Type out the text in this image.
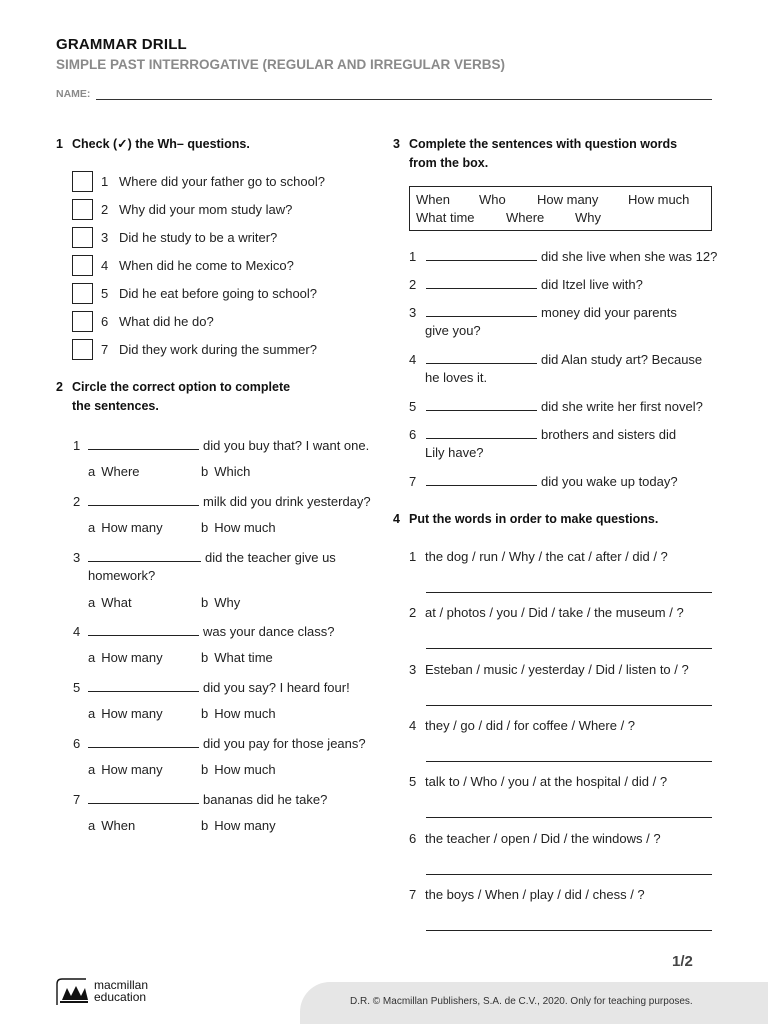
GRAMMAR DRILL
SIMPLE PAST INTERROGATIVE (REGULAR AND IRREGULAR VERBS)
NAME:
1 Check (✓) the Wh– questions.
1 Where did your father go to school?
2 Why did your mom study law?
3 Did he study to be a writer?
4 When did he come to Mexico?
5 Did he eat before going to school?
6 What did he do?
7 Did they work during the summer?
2 Circle the correct option to complete
the sentences.
1	did you buy that? I want one.
a Where	b Which
2	milk did you drink yesterday?
a How many	b How much
3	did the teacher give us
homework?
a What	b Why
4	was your dance class?
a How many	b What time
5	did you say? I heard four!
a How many	b How much
6	did you pay for those jeans?
a How many	b How much
7	bananas did he take?
a When	b How many
3 Complete the sentences with question words
from the box.
When Who How many How much
What time Where Why
1	did she live when she was 12?
2	did Itzel live with?
3	money did your parents
give you?
4	did Alan study art? Because
he loves it.
5	did she write her first novel?
6	brothers and sisters did
Lily have?
7	did you wake up today?
4 Put the words in order to make questions.
1 the dog / run / Why / the cat / after / did / ?
2 at / photos / you / Did / take / the museum / ?
3 Esteban / music / yesterday / Did / listen to / ?
4 they / go / did / for coffee / Where / ?
5 talk to / Who / you / at the hospital / did / ?
6 the teacher / open / Did / the windows / ?
7 the boys / When / play / did / chess / ?
1/2
D.R. © Macmillan Publishers, S.A. de C.V., 2020. Only for teaching purposes.
macmillan
education
